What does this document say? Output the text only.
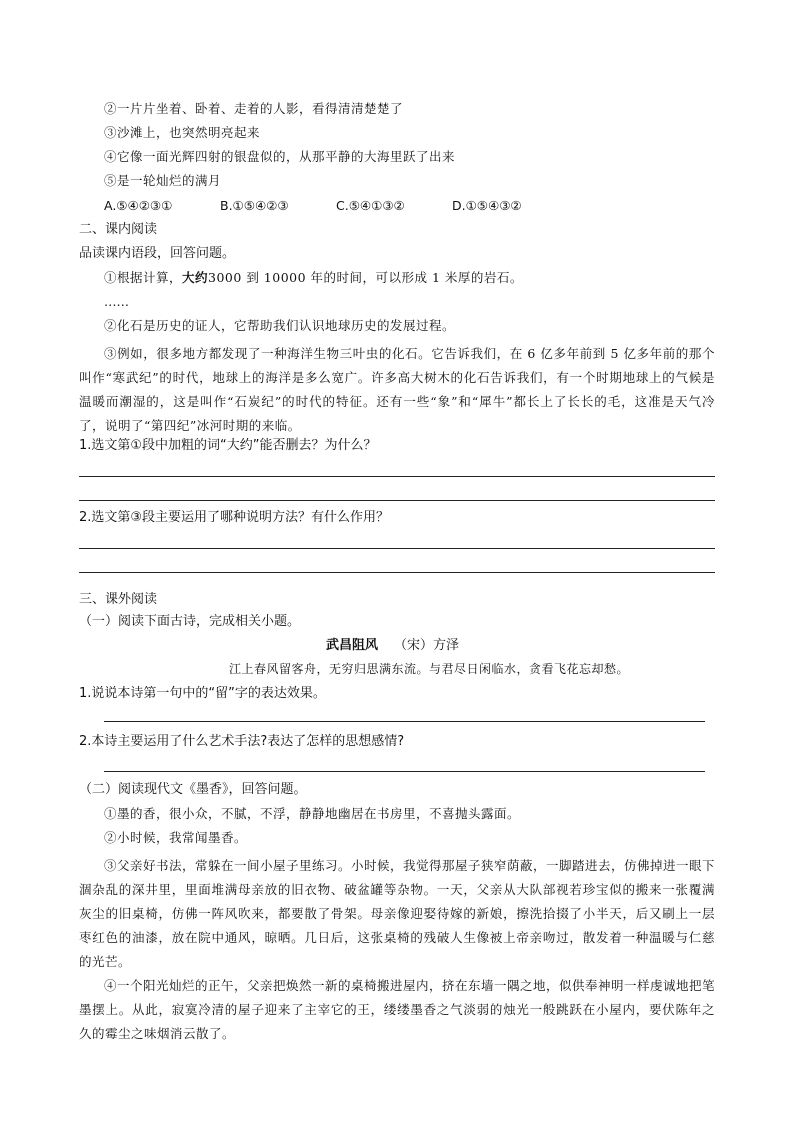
②一片片坐着、卧着、走着的人影，看得清清楚楚了
③沙滩上，也突然明亮起来
④它像一面光辉四射的银盘似的，从那平静的大海里跃了出来
⑤是一轮灿烂的满月
A.⑤④②③①	B.①⑤④②③	C.⑤④①③②	D.①⑤④③②
二、课内阅读
品读课内语段，回答问题。
①根据计算，大约3000 到 10000 年的时间，可以形成 1 米厚的岩石。
……
②化石是历史的证人，它帮助我们认识地球历史的发展过程。
③例如，很多地方都发现了一种海洋生物三叶虫的化石。它告诉我们，在 6 亿多年前到 5 亿多年前的那个叫作“寒武纪”的时代，地球上的海洋是多么宽广。许多高大树木的化石告诉我们，有一个时期地球上的气候是温暖而潮湿的，这是叫作“石炭纪”的时代的特征。还有一些“象”和“犀牛”都长上了长长的毛，这准是天气冷了，说明了“第四纪”冰河时期的来临。
1.选文第①段中加粗的词“大约”能否删去？为什么？
2.选文第③段主要运用了哪种说明方法？有什么作用？
三、课外阅读
（一）阅读下面古诗，完成相关小题。
武昌阻风 （宋）方泽
江上春风留客舟，无穷归思满东流。与君尽日闲临水，贪看飞花忘却愁。
1.说说本诗第一句中的“留”字的表达效果。
2.本诗主要运用了什么艺术手法?表达了怎样的思想感情?
（二）阅读现代文《墨香》，回答问题。
①墨的香，很小众，不腻，不浮，静静地幽居在书房里，不喜抛头露面。
②小时候，我常闻墨香。
③父亲好书法，常躲在一间小屋子里练习。小时候，我觉得那屋子狭窄荫蔽，一脚踏进去，仿佛掉进一眼下涸杂乱的深井里，里面堆满母亲放的旧衣物、破盆罐等杂物。一天，父亲从大队部视若珍宝似的搬来一张覆满灰尘的旧桌椅，仿佛一阵风吹来，都要散了骨架。母亲像迎娶待嫁的新娘，擦洗拾掇了小半天，后又刷上一层枣红色的油漆，放在院中通风，晾晒。几日后，这张桌椅的残破人生像被上帝亲吻过，散发着一种温暖与仁慈的光芒。
④一个阳光灿烂的正午，父亲把焕然一新的桌椅搬进屋内，挤在东墙一隅之地，似供奉神明一样虔诚地把笔墨摆上。从此，寂寞冷清的屋子迎来了主宰它的王，缕缕墨香之气淡弱的烛光一般跳跃在小屋内，要伏陈年之久的霉尘之味烟消云散了。
